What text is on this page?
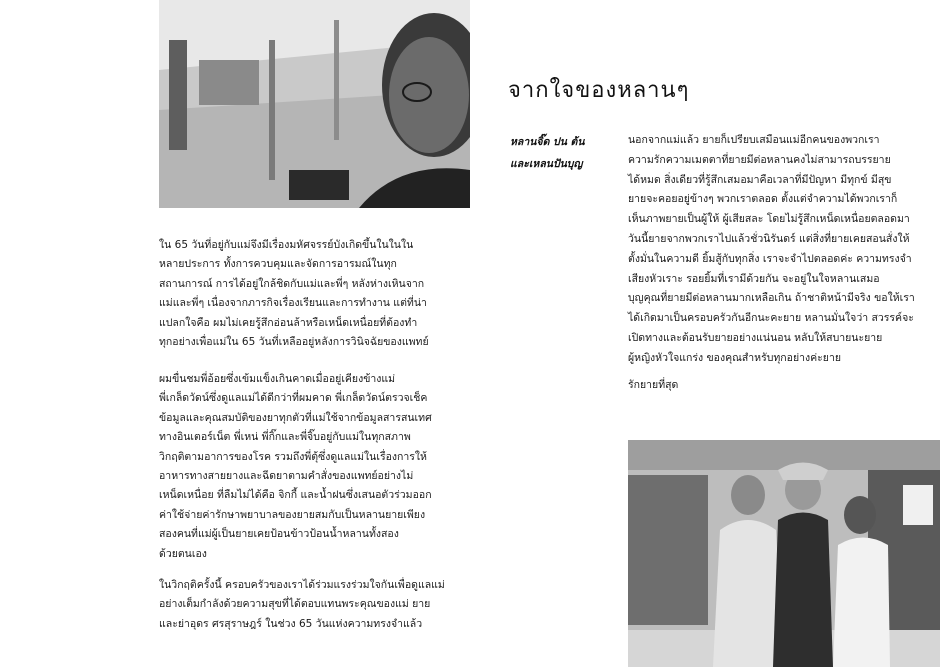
จากใจของหลานๆ
หลานจิ๊ด ปน ต้น
และเหลนปันบุญ
ใน 65 วันที่อยู่กับแม่จึงมีเรื่องมหัศจรรย์บังเกิดขึ้นในในใน
หลายประการ ทั้งการควบคุมและจัดการอารมณ์ในทุก
สถานการณ์ การได้อยู่ใกล้ชิดกับแม่และพี่ๆ หลังห่างเหินจาก
แม่และพี่ๆ เนื่องจากภารกิจเรื่องเรียนและการทำงาน แต่ที่น่า
แปลกใจคือ ผมไม่เคยรู้สึกอ่อนล้าหรือเหน็ดเหนื่อยที่ต้องทำ
ทุกอย่างเพื่อแม่ใน 65 วันที่เหลืออยู่หลังการวินิจฉัยของแพทย์
ผมขื่นชมพี่อ้อยซึ่งเข้มแข็งเกินคาดเมื่ออยู่เคียงข้างแม่
พี่เกล็ดวัดน์ซึ่งดูแลแม่ได้ดีกว่าที่ผมคาด พี่เกล็ดวัดน์ตรวจเช็ค
ข้อมูลและคุณสมบัติของยาทุกตัวที่แม่ใช้จากข้อมูลสารสนเทศ
ทางอินเตอร์เน็ต พี่เหน่ พี่กิ๊กและพี่จิ๊บอยู่กับแม่ในทุกสภาพ
วิกฤติตามอาการของโรค รวมถึงพี่ตุ้ซึ่งดูแลแม่ในเรื่องการให้
อาหารทางสายยางและฉีดยาตามคำสั่งของแพทย์อย่างไม่
เหน็ดเหนื่อย ที่ลืมไม่ได้คือ จิกกี้ และน้ำฝนซึ่งเสนอตัวร่วมออก
ค่าใช้จ่ายค่ารักษาพยาบาลของยายสมกับเป็นหลานยายเพียง
สองคนที่แม่ผู้เป็นยายเคยป้อนข้าวป้อนน้ำหลานทั้งสอง
ด้วยตนเอง
ในวิกฤติครั้งนี้ ครอบครัวของเราได้ร่วมแรงร่วมใจกันเพื่อดูแลแม่
อย่างเต็มกำลังด้วยความสุขที่ได้ตอบแทนพระคุณของแม่ ยาย
และย่าอุดร ศรสุราษฎร์ ในช่วง 65 วันแห่งความทรงจำแล้ว
นอกจากแม่แล้ว ยายก็เปรียบเสมือนแม่อีกคนของพวกเรา
ความรักความเมตตาที่ยายมีต่อหลานคงไม่สามารถบรรยาย
ได้หมด สิ่งเดียวที่รู้สึกเสมอมาคือเวลาที่มีปัญหา มีทุกข์ มีสุข
ยายจะคอยอยู่ข้างๆ พวกเราตลอด ตั้งแต่จำความได้พวกเราก็
เห็นภาพยายเป็นผู้ให้ ผู้เสียสละ โดยไม่รู้สึกเหน็ดเหนื่อยตลอดมา
วันนี้ยายจากพวกเราไปแล้วชั่วนิรันดร์ แต่สิ่งที่ยายเคยสอนสั่งให้
ตั้งมั่นในความดี ยิ้มสู้กับทุกสิ่ง เราจะจำไปตลอดค่ะ ความทรงจำ
เสียงหัวเราะ รอยยิ้มที่เรามีด้วยกัน จะอยู่ในใจหลานเสมอ
บุญคุณที่ยายมีต่อหลานมากเหลือเกิน ถ้าชาติหน้ามีจริง ขอให้เรา
ได้เกิดมาเป็นครอบครัวกันอีกนะคะยาย หลานมั่นใจว่า สวรรค์จะ
เปิดทางและต้อนรับยายอย่างแน่นอน หลับให้สบายนะยาย
ผู้หญิงหัวใจแกร่ง ของคุณสำหรับทุกอย่างค่ะยาย
รักยายที่สุด
